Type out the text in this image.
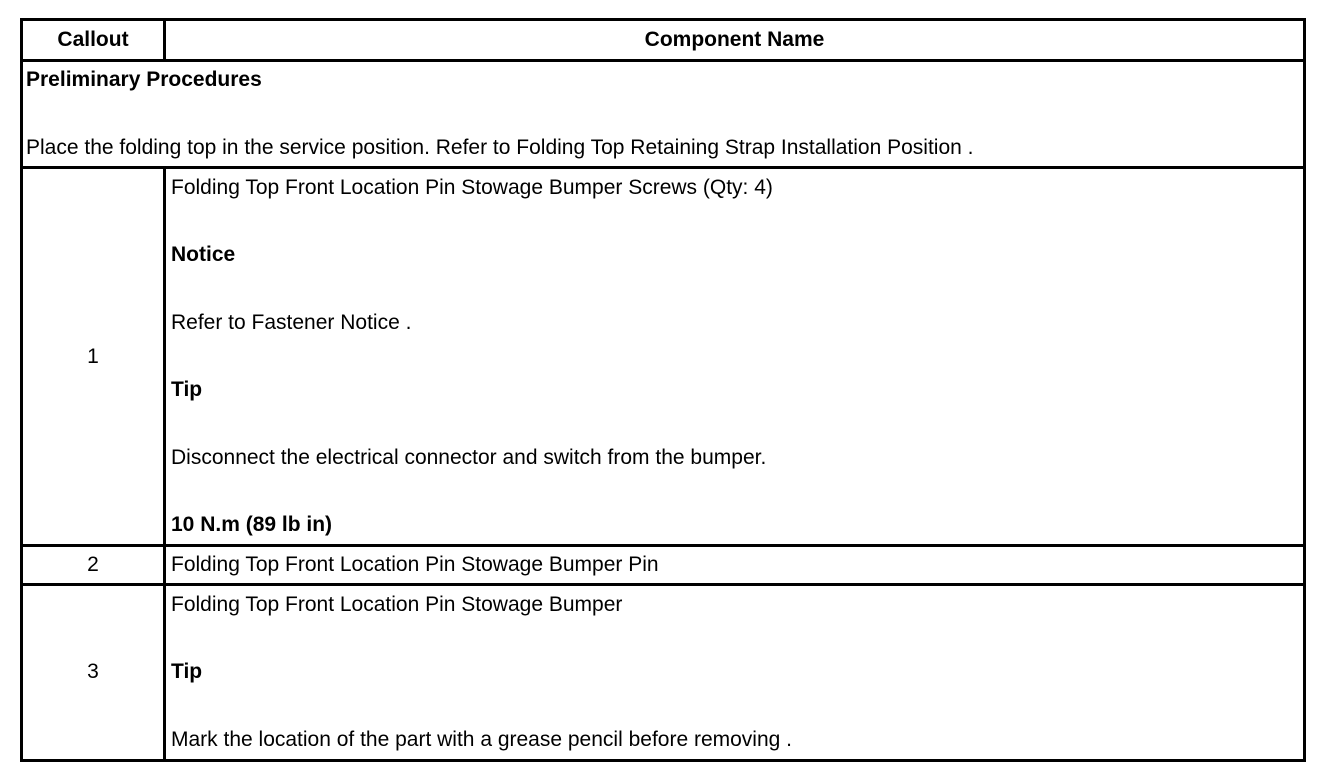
Callout	Component Name
Preliminary Procedures
Place the folding top in the service position. Refer to Folding Top Retaining Strap Installation Position .
1
Folding Top Front Location Pin Stowage Bumper Screws (Qty: 4)
Notice
Refer to Fastener Notice .
Tip
Disconnect the electrical connector and switch from the bumper.
10 N.m (89 lb in)
2	Folding Top Front Location Pin Stowage Bumper Pin
3
Folding Top Front Location Pin Stowage Bumper
Tip
Mark the location of the part with a grease pencil before removing .
